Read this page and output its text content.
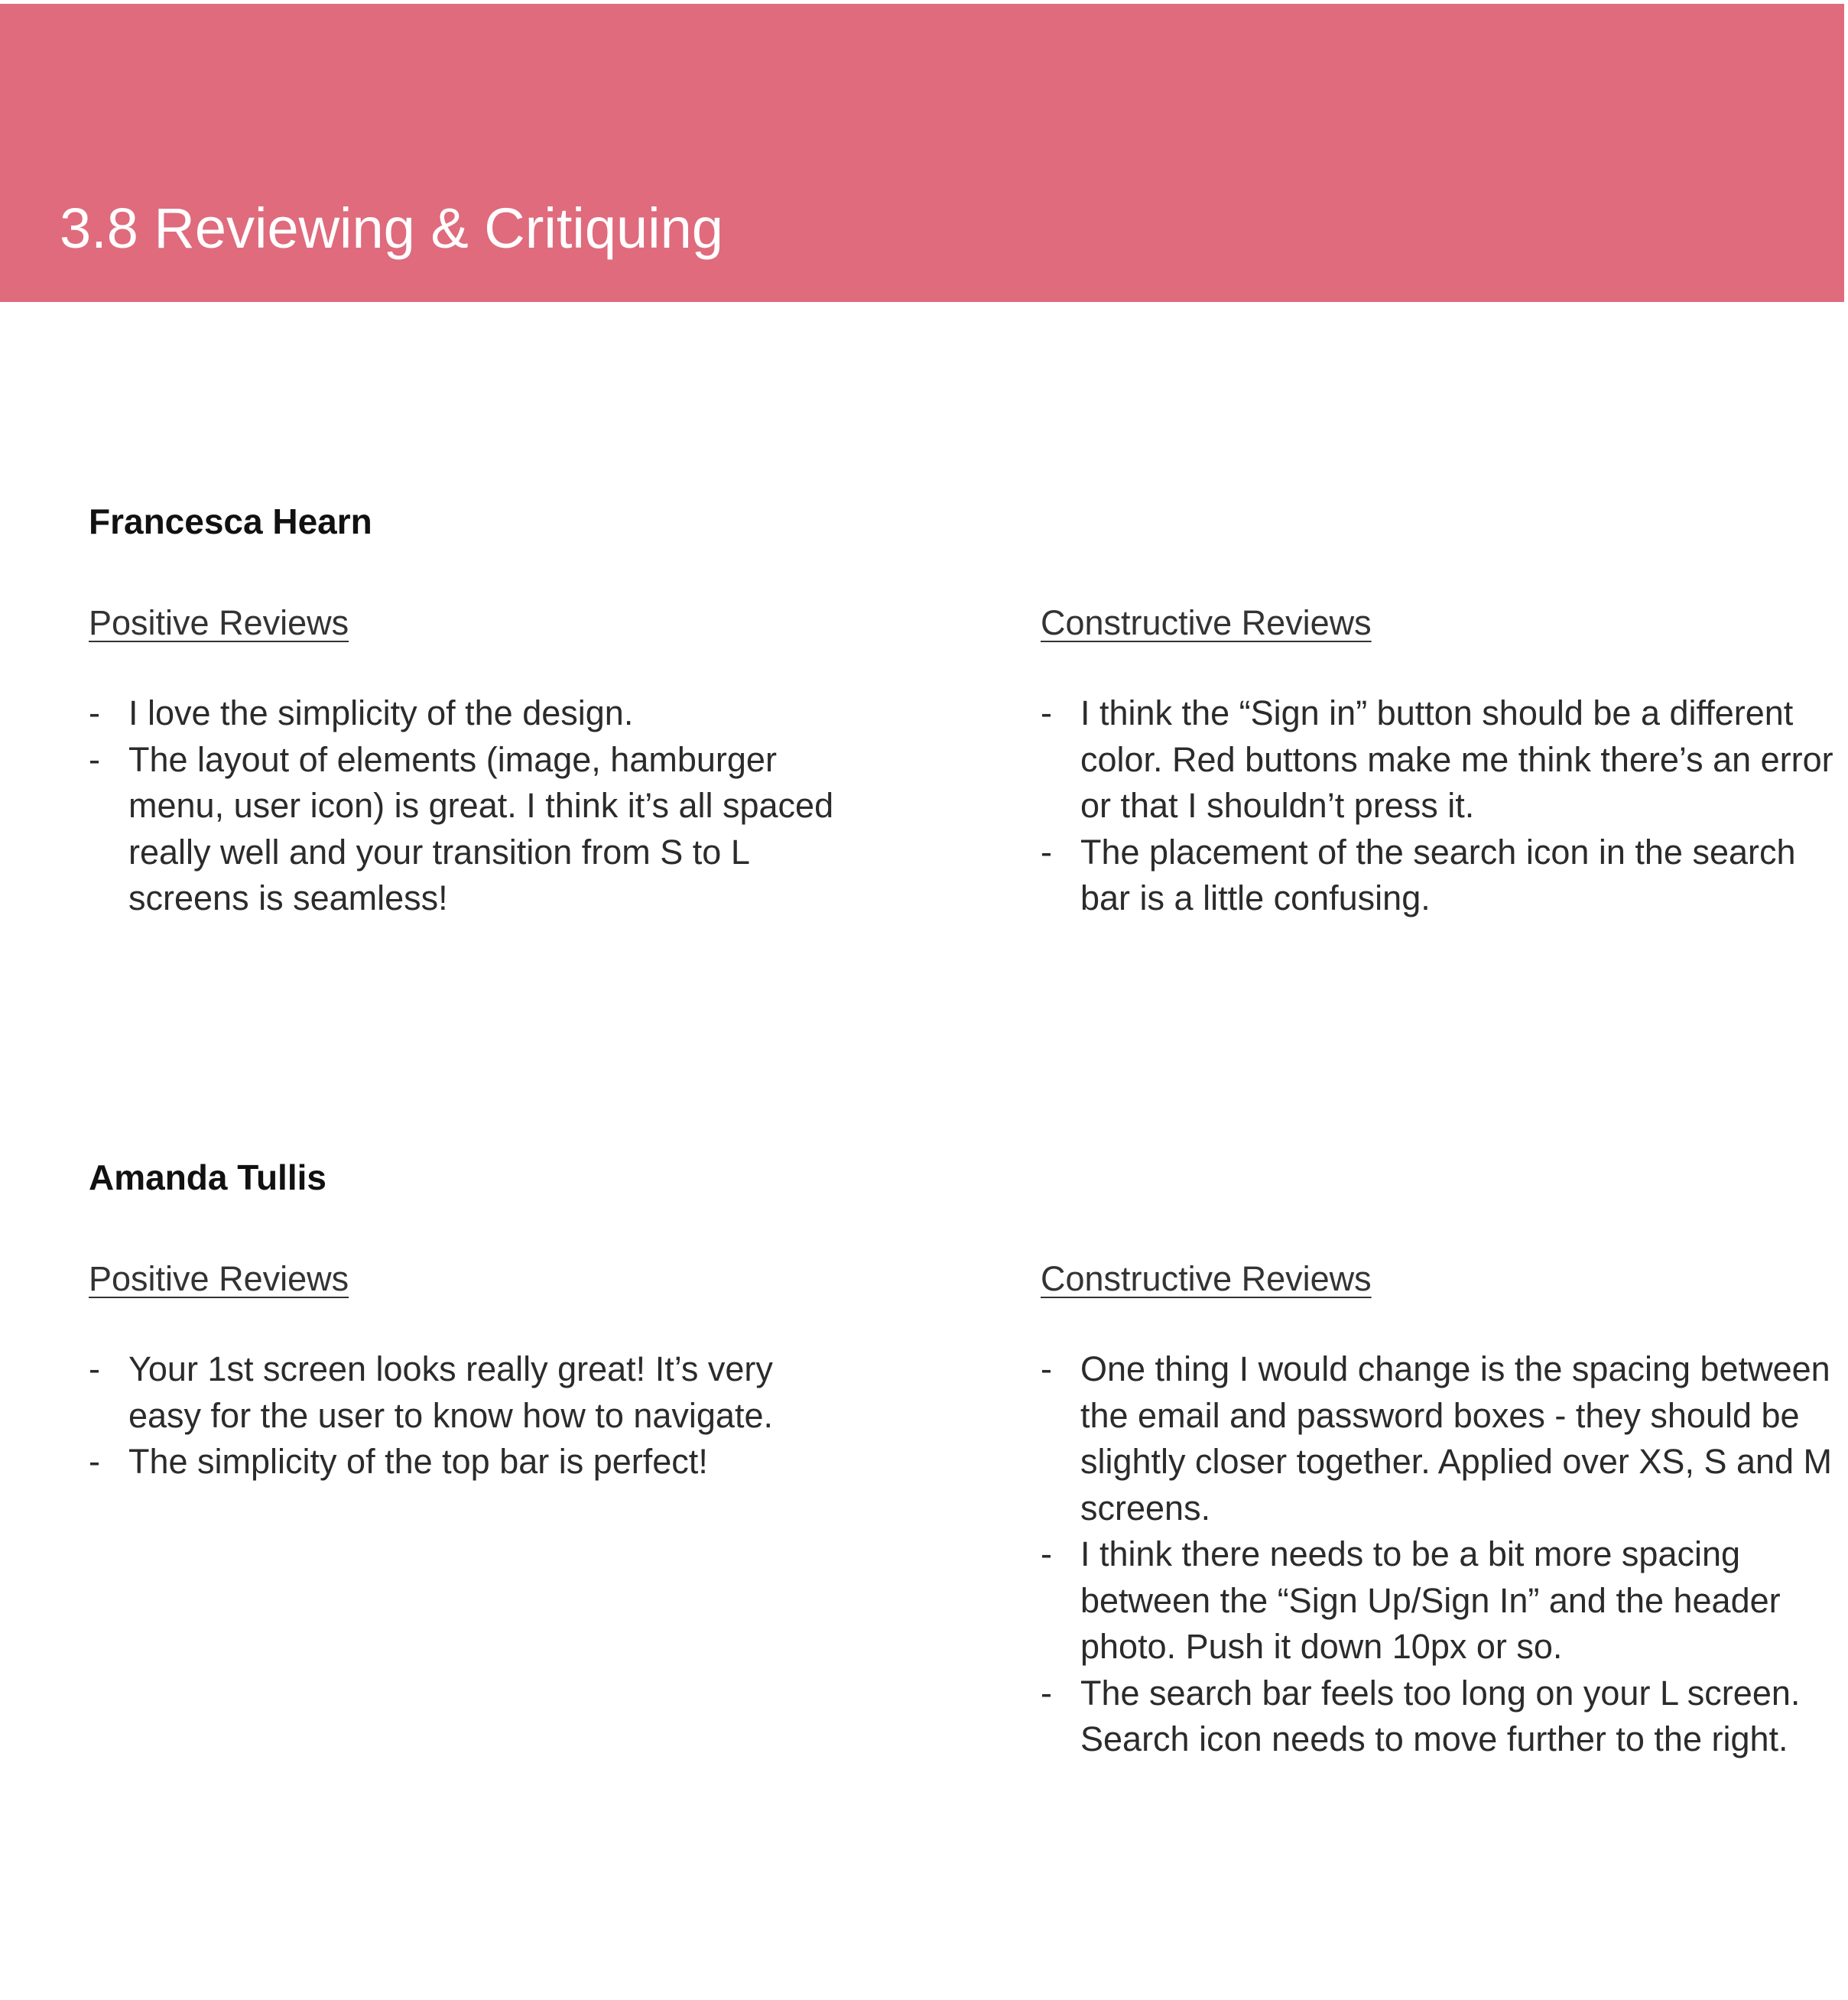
3.8 Reviewing & Critiquing
Francesca Hearn
Positive Reviews
- I love the simplicity of the design.
- The layout of elements (image, hamburger menu, user icon) is great. I think it’s all spaced really well and your transition from S to L screens is seamless!
Constructive Reviews
- I think the “Sign in” button should be a different color. Red buttons make me think there’s an error or that I shouldn’t press it.
- The placement of the search icon in the search bar is a little confusing.
Amanda Tullis
Positive Reviews
- Your 1st screen looks really great! It’s very easy for the user to know how to navigate.
- The simplicity of the top bar is perfect!
Constructive Reviews
- One thing I would change is the spacing between the email and password boxes - they should be slightly closer together. Applied over XS, S and M screens.
- I think there needs to be a bit more spacing between the “Sign Up/Sign In” and the header photo. Push it down 10px or so.
- The search bar feels too long on your L screen. Search icon needs to move further to the right.
